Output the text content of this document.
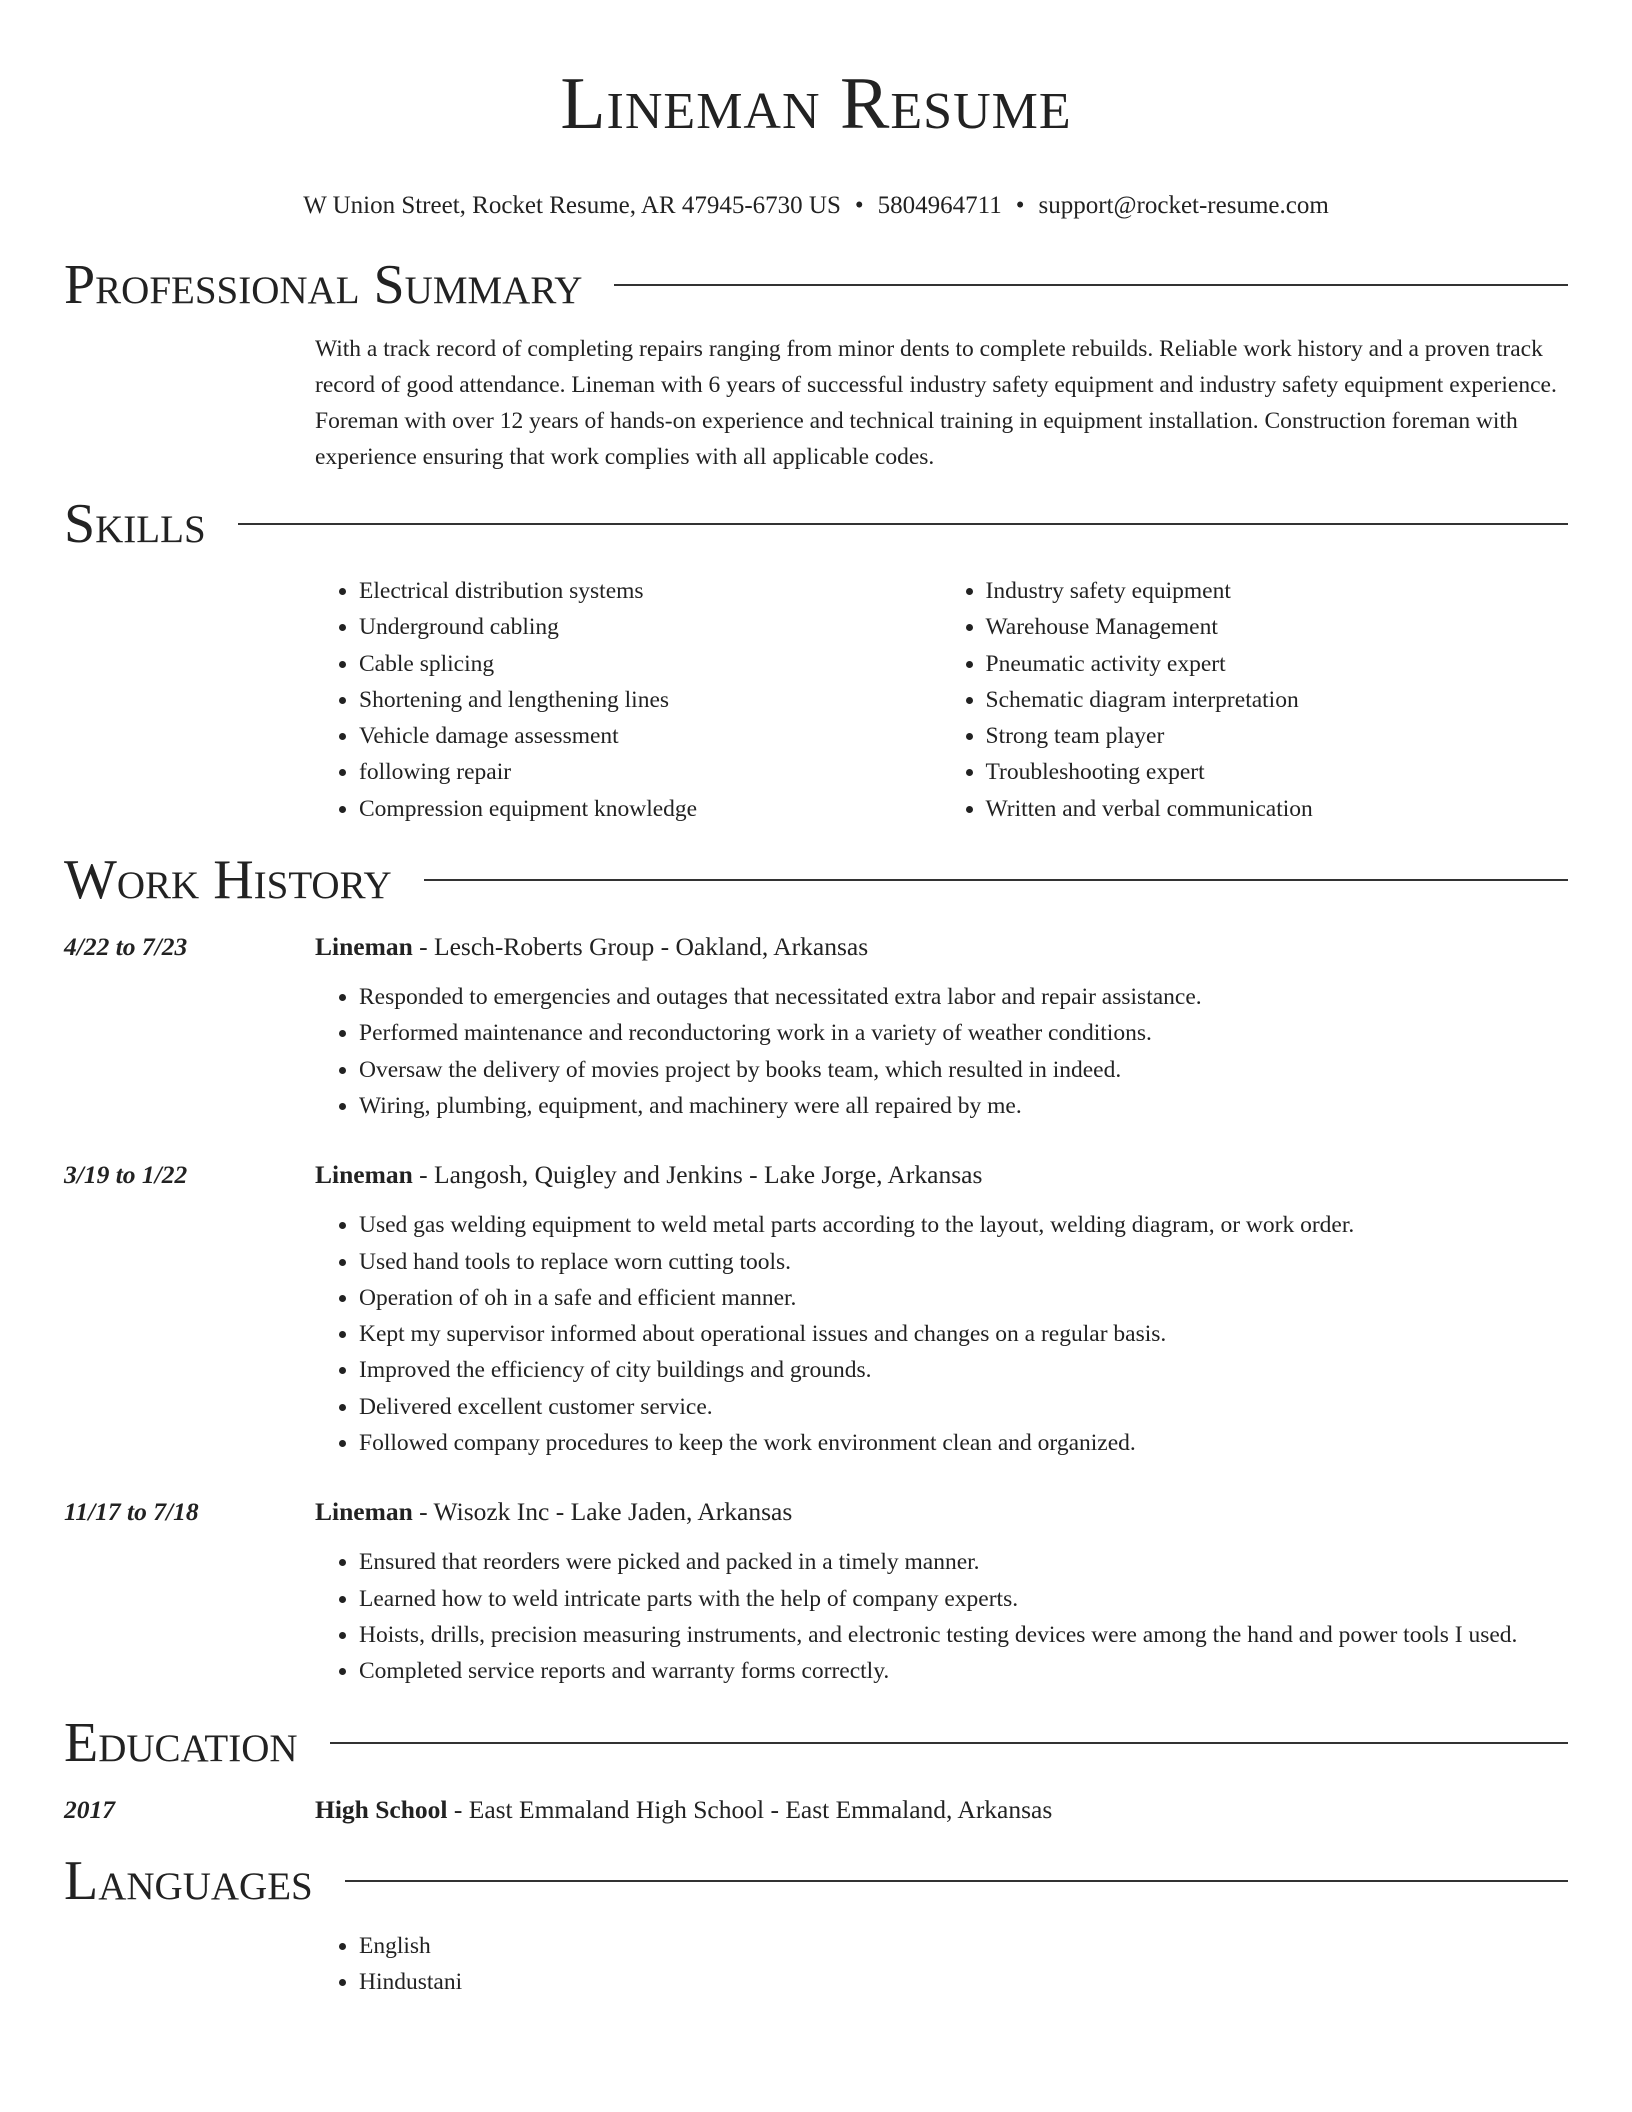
Lineman Resume
W Union Street, Rocket Resume, AR 47945-6730 US • 5804964711 • support@rocket-resume.com
Professional Summary
With a track record of completing repairs ranging from minor dents to complete rebuilds. Reliable work history and a proven track record of good attendance. Lineman with 6 years of successful industry safety equipment and industry safety equipment experience. Foreman with over 12 years of hands-on experience and technical training in equipment installation. Construction foreman with experience ensuring that work complies with all applicable codes.
Skills
• Electrical distribution systems
• Underground cabling
• Cable splicing
• Shortening and lengthening lines
• Vehicle damage assessment
• following repair
• Compression equipment knowledge
• Industry safety equipment
• Warehouse Management
• Pneumatic activity expert
• Schematic diagram interpretation
• Strong team player
• Troubleshooting expert
• Written and verbal communication
Work History
4/22 to 7/23	Lineman - Lesch-Roberts Group - Oakland, Arkansas
• Responded to emergencies and outages that necessitated extra labor and repair assistance.
• Performed maintenance and reconductoring work in a variety of weather conditions.
• Oversaw the delivery of movies project by books team, which resulted in indeed.
• Wiring, plumbing, equipment, and machinery were all repaired by me.
3/19 to 1/22	Lineman - Langosh, Quigley and Jenkins - Lake Jorge, Arkansas
• Used gas welding equipment to weld metal parts according to the layout, welding diagram, or work order.
• Used hand tools to replace worn cutting tools.
• Operation of oh in a safe and efficient manner.
• Kept my supervisor informed about operational issues and changes on a regular basis.
• Improved the efficiency of city buildings and grounds.
• Delivered excellent customer service.
• Followed company procedures to keep the work environment clean and organized.
11/17 to 7/18	Lineman - Wisozk Inc - Lake Jaden, Arkansas
• Ensured that reorders were picked and packed in a timely manner.
• Learned how to weld intricate parts with the help of company experts.
• Hoists, drills, precision measuring instruments, and electronic testing devices were among the hand and power tools I used.
• Completed service reports and warranty forms correctly.
Education
2017	High School - East Emmaland High School - East Emmaland, Arkansas
Languages
• English
• Hindustani
